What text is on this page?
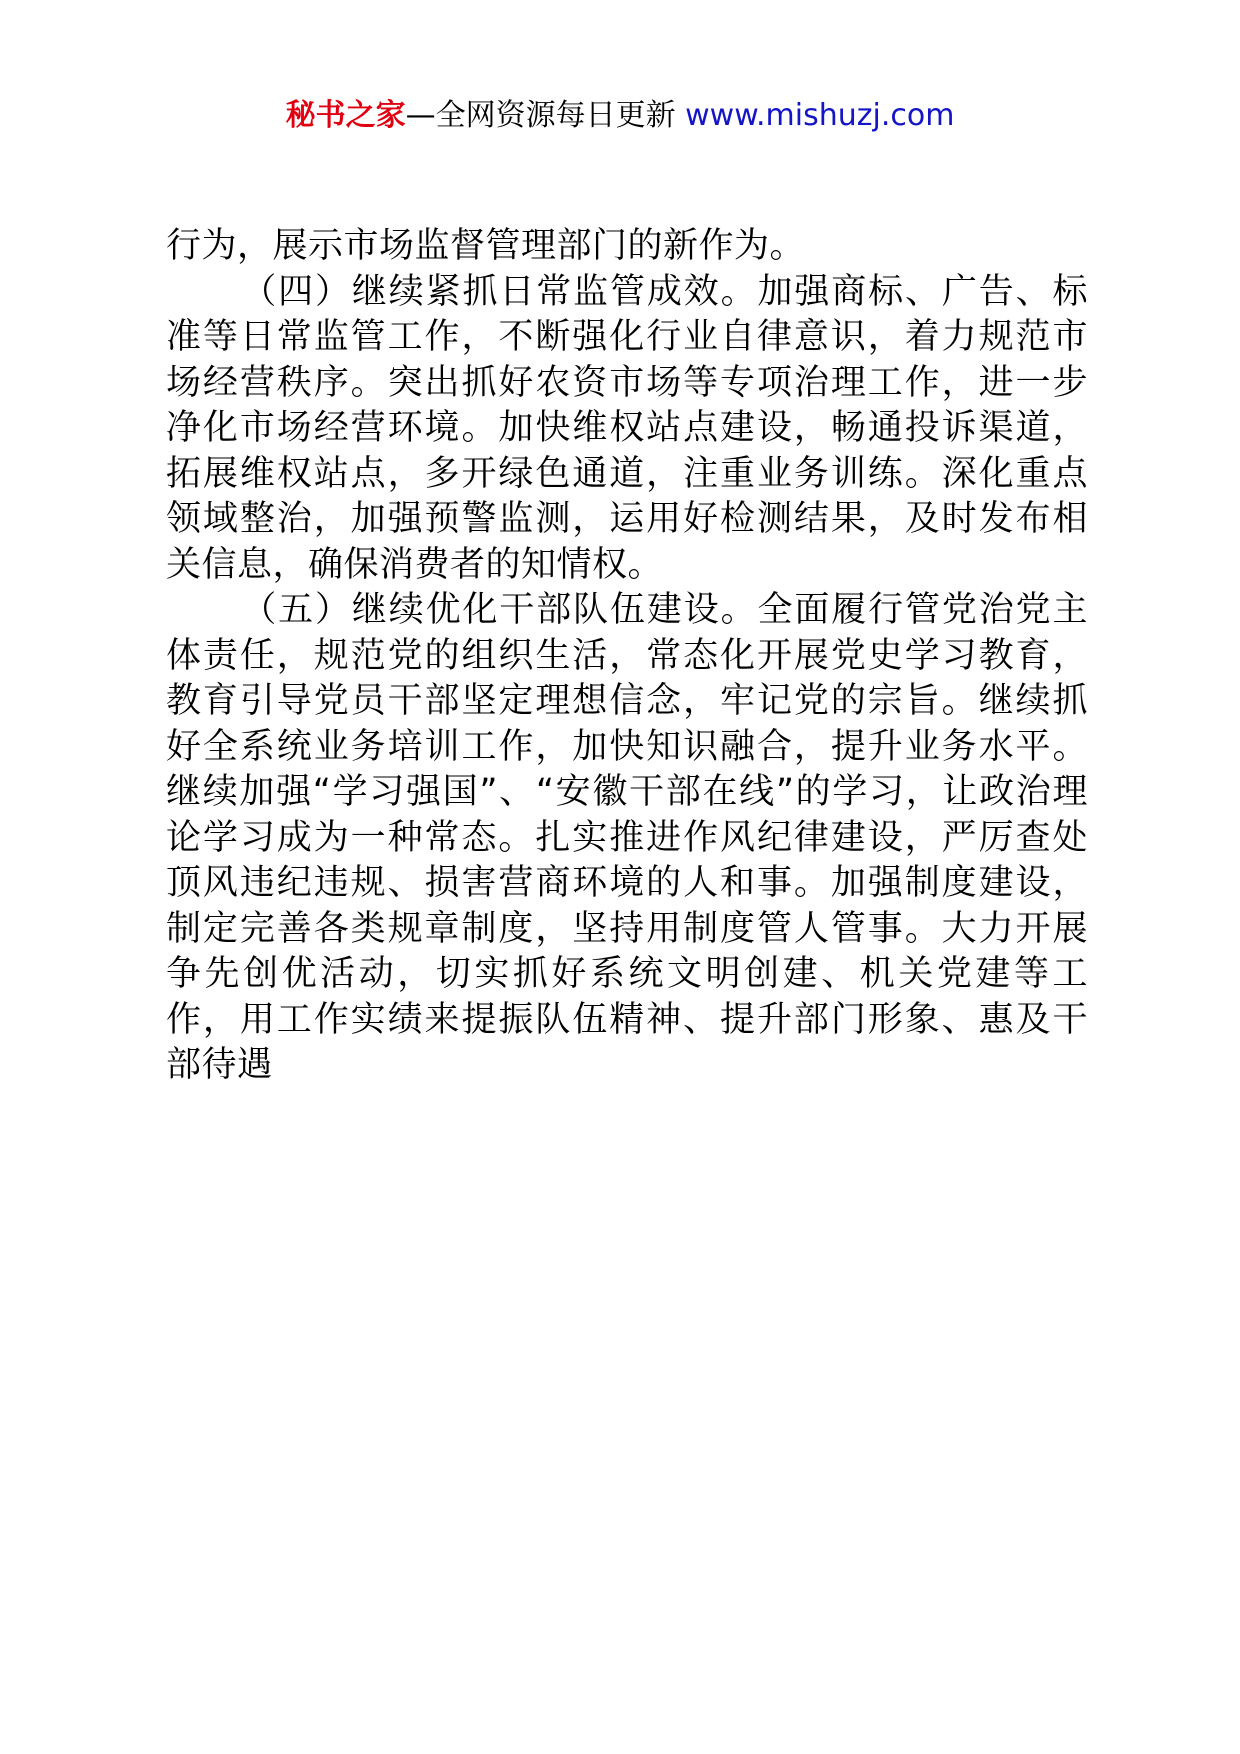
秘书之家—全网资源每日更新 www.mishuzj.com

行为，展示市场监督管理部门的新作为。

（四）继续紧抓日常监管成效。加强商标、广告、标准等日常监管工作，不断强化行业自律意识，着力规范市场经营秩序。突出抓好农资市场等专项治理工作，进一步净化市场经营环境。加快维权站点建设，畅通投诉渠道，拓展维权站点，多开绿色通道，注重业务训练。深化重点领域整治，加强预警监测，运用好检测结果，及时发布相关信息，确保消费者的知情权。

（五）继续优化干部队伍建设。全面履行管党治党主体责任，规范党的组织生活，常态化开展党史学习教育，教育引导党员干部坚定理想信念，牢记党的宗旨。继续抓好全系统业务培训工作，加快知识融合，提升业务水平。继续加强“学习强国”、“安徽干部在线”的学习，让政治理论学习成为一种常态。扎实推进作风纪律建设，严厉查处顶风违纪违规、损害营商环境的人和事。加强制度建设，制定完善各类规章制度，坚持用制度管人管事。大力开展争先创优活动，切实抓好系统文明创建、机关党建等工作，用工作实绩来提振队伍精神、提升部门形象、惠及干部待遇
